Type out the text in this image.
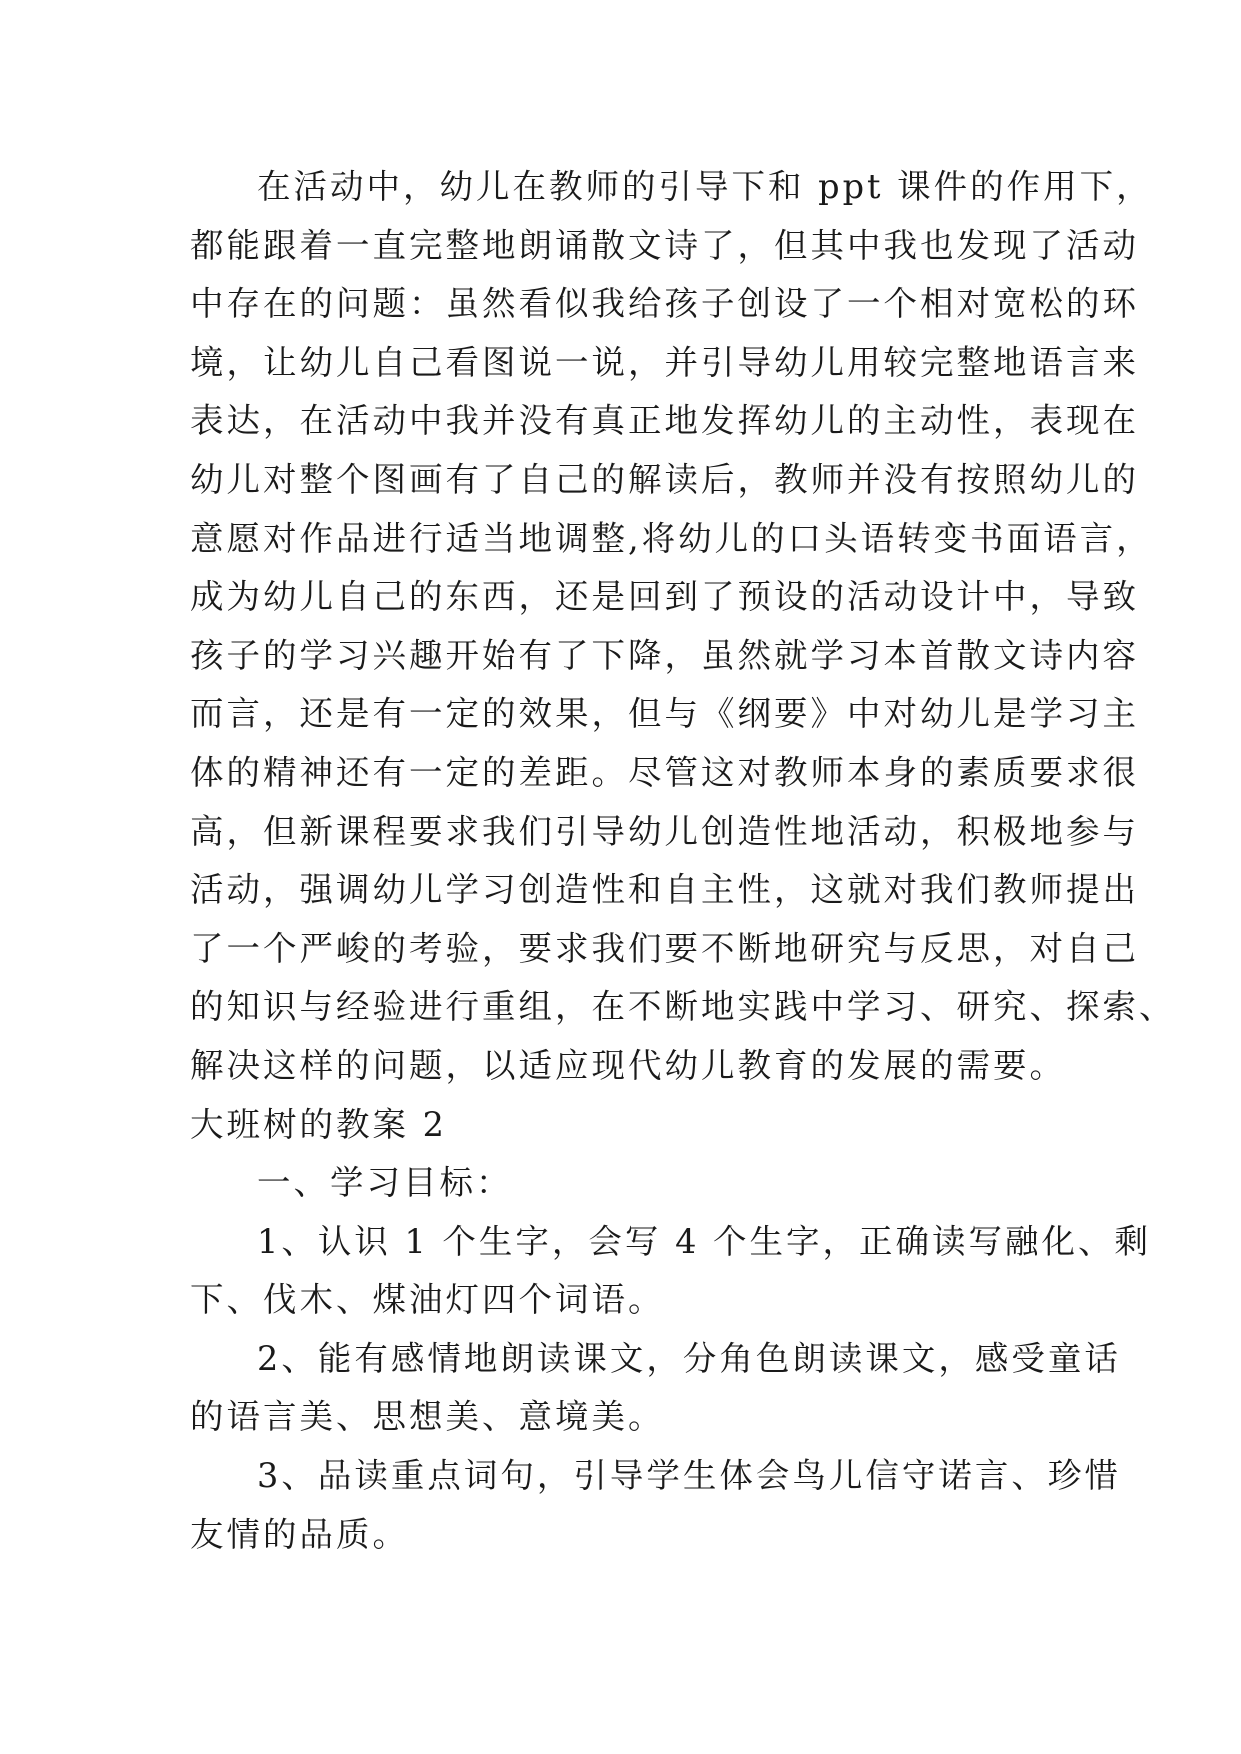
在活动中，幼儿在教师的引导下和 ppt 课件的作用下，
都能跟着一直完整地朗诵散文诗了，但其中我也发现了活动
中存在的问题：虽然看似我给孩子创设了一个相对宽松的环
境，让幼儿自己看图说一说，并引导幼儿用较完整地语言来
表达，在活动中我并没有真正地发挥幼儿的主动性，表现在
幼儿对整个图画有了自己的解读后，教师并没有按照幼儿的
意愿对作品进行适当地调整,将幼儿的口头语转变书面语言，
成为幼儿自己的东西，还是回到了预设的活动设计中，导致
孩子的学习兴趣开始有了下降，虽然就学习本首散文诗内容
而言，还是有一定的效果，但与《纲要》中对幼儿是学习主
体的精神还有一定的差距。尽管这对教师本身的素质要求很
高，但新课程要求我们引导幼儿创造性地活动，积极地参与
活动，强调幼儿学习创造性和自主性，这就对我们教师提出
了一个严峻的考验，要求我们要不断地研究与反思，对自己
的知识与经验进行重组，在不断地实践中学习、研究、探索、
解决这样的问题，以适应现代幼儿教育的发展的需要。
大班树的教案 2
一、学习目标：
1、认识 1 个生字，会写 4 个生字，正确读写融化、剩
下、伐木、煤油灯四个词语。
2、能有感情地朗读课文，分角色朗读课文，感受童话
的语言美、思想美、意境美。
3、品读重点词句，引导学生体会鸟儿信守诺言、珍惜
友情的品质。
